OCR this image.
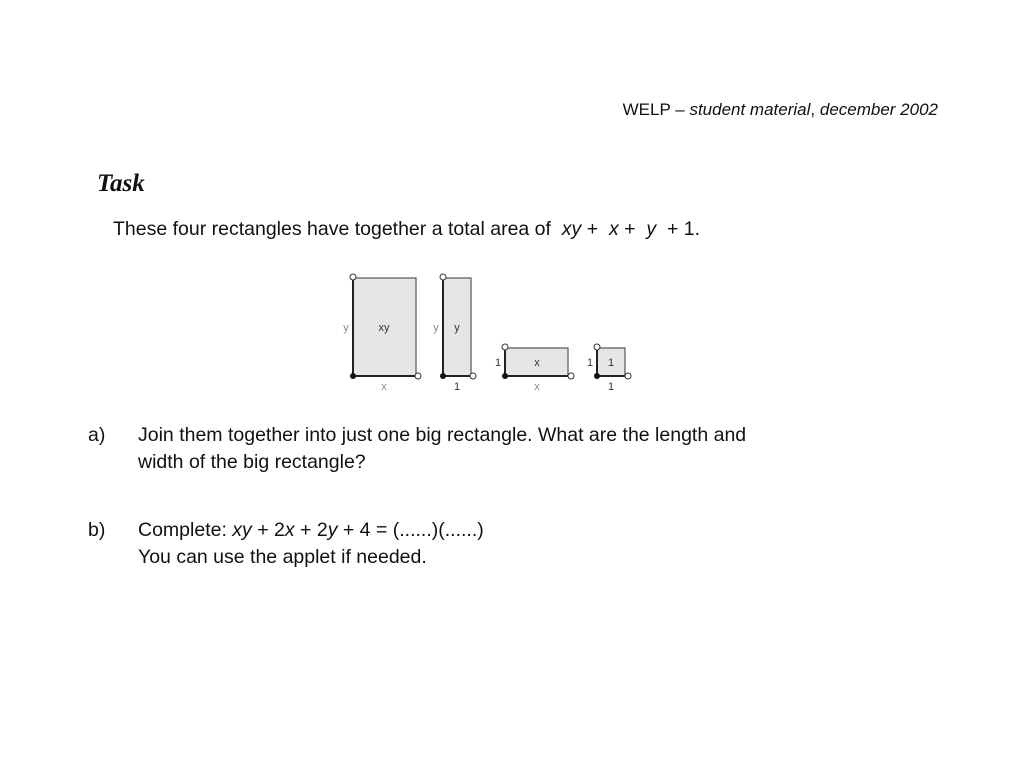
WELP – student material, december 2002
Task
These four rectangles have together a total area of xy + x + y + 1.
xy
y
x
y
y
1
x
1
x
1
1
1
a) Join them together into just one big rectangle. What are the length and
width of the big rectangle?
b) Complete: xy + 2x + 2y + 4 = (......)(......)
You can use the applet if needed.
